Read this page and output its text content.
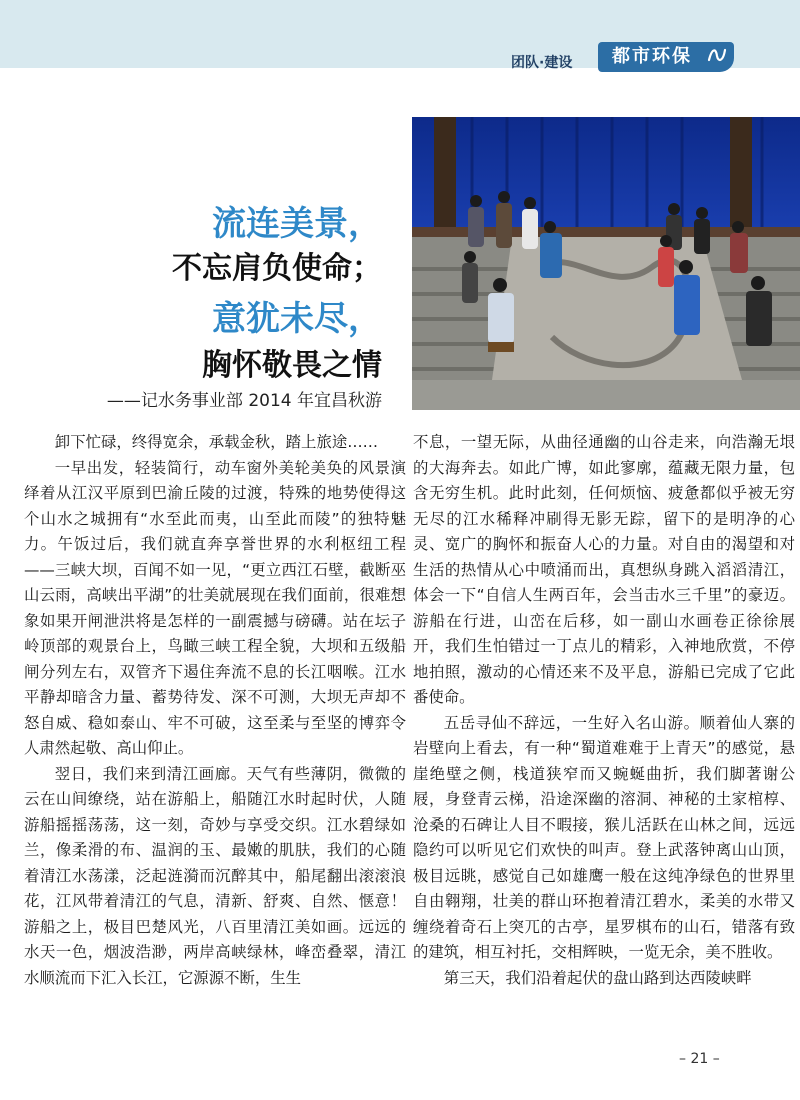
团队·建设	都市环保
流连美景，
不忘肩负使命；
意犹未尽，
胸怀敬畏之情
——记水务事业部 2014 年宜昌秋游

卸下忙碌，终得宽余，承载金秋，踏上旅途……

一早出发，轻装简行，动车窗外美轮美奂的风景演绎着从江汉平原到巴渝丘陵的过渡，特殊的地势使得这个山水之城拥有“水至此而夷，山至此而陵”的独特魅力。午饭过后，我们就直奔享誉世界的水利枢纽工程——三峡大坝，百闻不如一见，“更立西江石壁，截断巫山云雨，高峡出平湖”的壮美就展现在我们面前，很难想象如果开闸泄洪将是怎样的一副震撼与磅礴。站在坛子岭顶部的观景台上，鸟瞰三峡工程全貌，大坝和五级船闸分列左右，双管齐下遏住奔流不息的长江咽喉。江水平静却暗含力量、蓄势待发、深不可测，大坝无声却不怒自威、稳如泰山、牢不可破，这至柔与至坚的博弈令人肃然起敬、高山仰止。

翌日，我们来到清江画廊。天气有些薄阴，微微的云在山间缭绕，站在游船上，船随江水时起时伏，人随游船摇摇荡荡，这一刻，奇妙与享受交织。江水碧绿如兰，像柔滑的布、温润的玉、最嫩的肌肤，我们的心随着清江水荡漾，泛起涟漪而沉醉其中，船尾翻出滚滚浪花，江风带着清江的气息，清新、舒爽、自然、惬意！游船之上，极目巴楚风光，八百里清江美如画。远远的水天一色，烟波浩渺，两岸高峡绿林，峰峦叠翠，清江水顺流而下汇入长江，它源源不断，生生

不息，一望无际，从曲径通幽的山谷走来，向浩瀚无垠的大海奔去。如此广博，如此寥廓，蕴藏无限力量，包含无穷生机。此时此刻，任何烦恼、疲惫都似乎被无穷无尽的江水稀释冲刷得无影无踪，留下的是明净的心灵、宽广的胸怀和振奋人心的力量。对自由的渴望和对生活的热情从心中喷涌而出，真想纵身跳入滔滔清江，体会一下“自信人生两百年，会当击水三千里”的豪迈。游船在行进，山峦在后移，如一副山水画卷正徐徐展开，我们生怕错过一丁点儿的精彩，入神地欣赏，不停地拍照，激动的心情还来不及平息，游船已完成了它此番使命。

五岳寻仙不辞远，一生好入名山游。顺着仙人寨的岩壁向上看去，有一种“蜀道难难于上青天”的感觉，悬崖绝壁之侧，栈道狭窄而又蜿蜒曲折，我们脚著谢公屐，身登青云梯，沿途深幽的溶洞、神秘的土家棺椁、沧桑的石碑让人目不暇接，猴儿活跃在山林之间，远远隐约可以听见它们欢快的叫声。登上武落钟离山山顶，极目远眺，感觉自己如雄鹰一般在这纯净绿色的世界里自由翱翔，壮美的群山环抱着清江碧水，柔美的水带又缠绕着奇石上突兀的古亭，星罗棋布的山石，错落有致的建筑，相互衬托，交相辉映，一览无余，美不胜收。

第三天，我们沿着起伏的盘山路到达西陵峡畔

– 21 –
